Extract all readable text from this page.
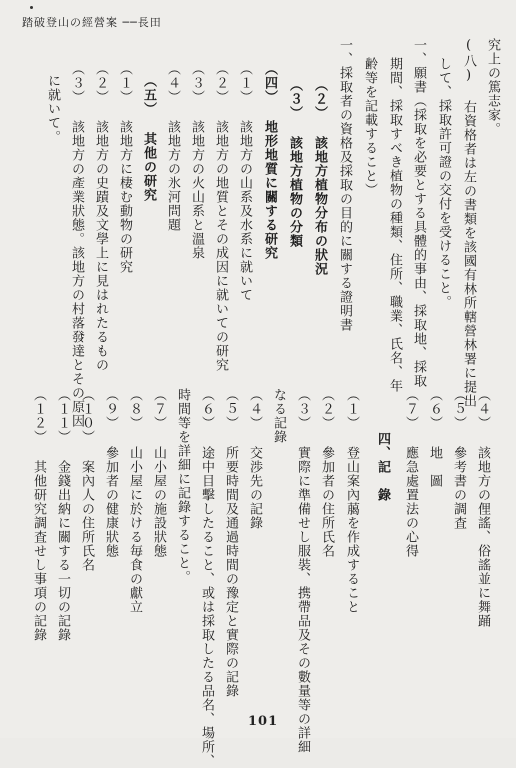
踏破登山の經營案 ──長田
究上の篤志家。
(八) 右資格者は左の書類を該國有林所轄營林署に提出
して、採取許可證の交付を受けること。
一、願書（採取を必要とする具體的事由、採取地、採取
期間、採取すべき植物の種類、住所、職業、氏名、年
齢等を記載すること）
一、採取者の資格及採取の目的に關する證明書
（２） 該地方植物分布の狀況
（３） 該地方植物の分類
（四） 地形地質に關する研究
（１） 該地方の山系及水系に就いて
（２） 該地方の地質とその成因に就いての研究
（３） 該地方の火山系と溫泉
（４） 該地方の氷河問題
（五） 其他の研究
（１） 該地方に棲む動物の研究
（２） 該地方の史蹟及文學上に見はれたるもの
（３） 該地方の產業狀態。該地方の村落發達とその原因
に就いて。
（４） 該地方の俚謠、俗謠並に舞踊
（５） 參考書の調査
（６） 地　圖
（７） 應急處置法の心得
四、記　錄
（１） 登山案內﨟を作成すること
（２） 參加者の住所氏名
（３） 實際に準備せし服裝、携帶品及その數量等の詳細
なる記錄
（４） 交渉先の記錄
（５） 所要時間及通過時間の豫定と實際の記錄
（６） 途中目擊したること、或は採取したる品名、場所、
時間等を詳細に記錄すること。
（７） 山小屋の施設狀態
（８） 山小屋に於ける毎食の獻立
（９） 參加者の健康狀態
（１０） 案內人の住所氏名
（１１） 金錢出納に關する一切の記錄
（１２） 其他研究調査せし事項の記錄
101
